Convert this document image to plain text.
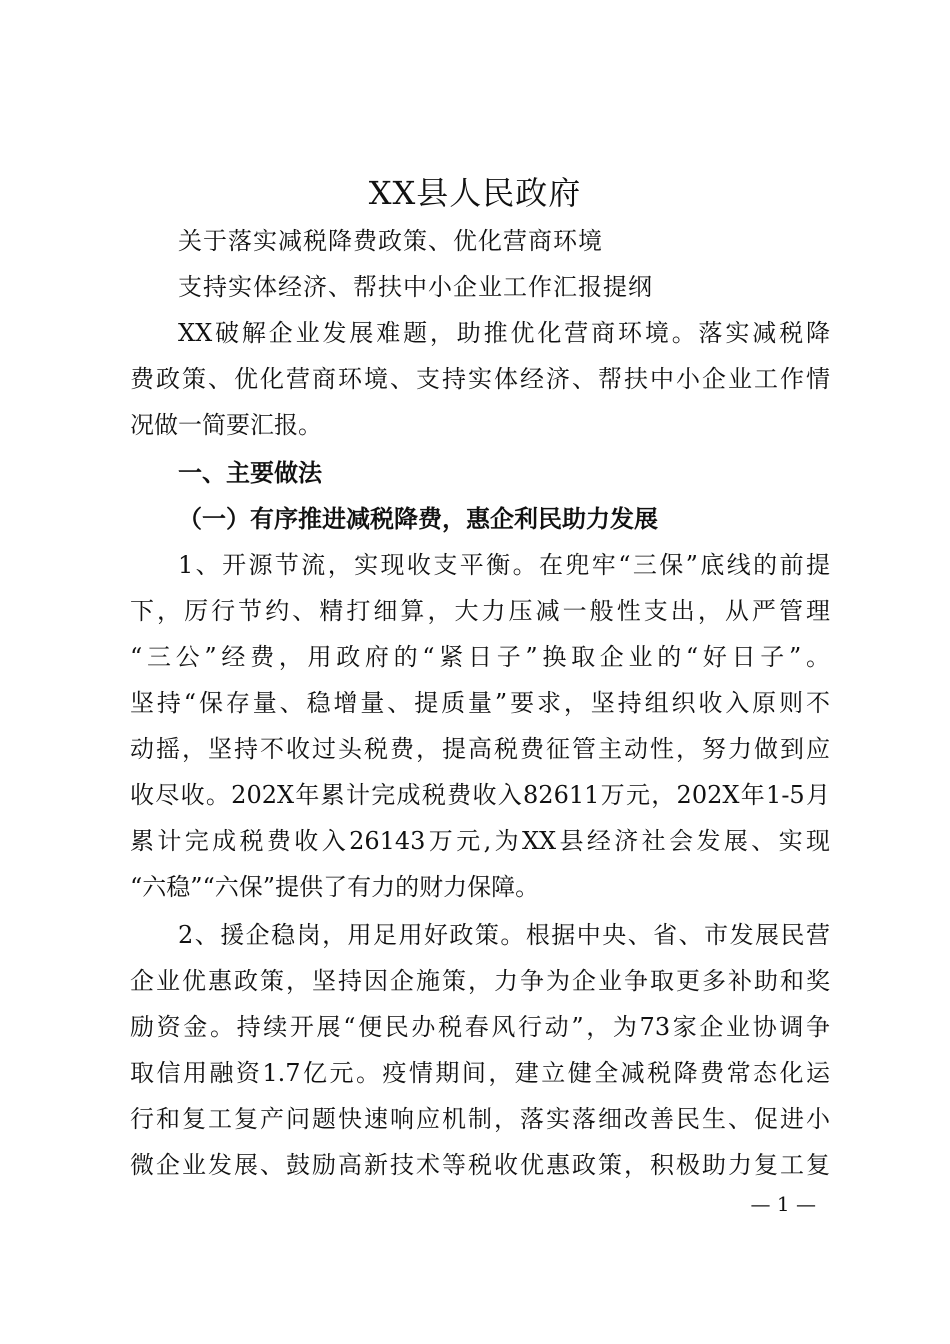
XX县人民政府
关于落实减税降费政策、优化营商环境
支持实体经济、帮扶中小企业工作汇报提纲
XX破解企业发展难题，助推优化营商环境。落实减税降
费政策、优化营商环境、支持实体经济、帮扶中小企业工作情
况做一简要汇报。
一、主要做法
（一）有序推进减税降费，惠企利民助力发展
1、开源节流，实现收支平衡。在兜牢“三保”底线的前提
下，厉行节约、精打细算，大力压减一般性支出，从严管理
“三公”经费，用政府的“紧日子”换取企业的“好日子”。
坚持“保存量、稳增量、提质量”要求，坚持组织收入原则不
动摇，坚持不收过头税费，提高税费征管主动性，努力做到应
收尽收。202X年累计完成税费收入82611万元，202X年1-5月
累计完成税费收入26143万元,为XX县经济社会发展、实现
“六稳”“六保”提供了有力的财力保障。
2、援企稳岗，用足用好政策。根据中央、省、市发展民营
企业优惠政策，坚持因企施策，力争为企业争取更多补助和奖
励资金。持续开展“便民办税春风行动”，为73家企业协调争
取信用融资1.7亿元。疫情期间，建立健全减税降费常态化运
行和复工复产问题快速响应机制，落实落细改善民生、促进小
微企业发展、鼓励高新技术等税收优惠政策，积极助力复工复
— 1 —
